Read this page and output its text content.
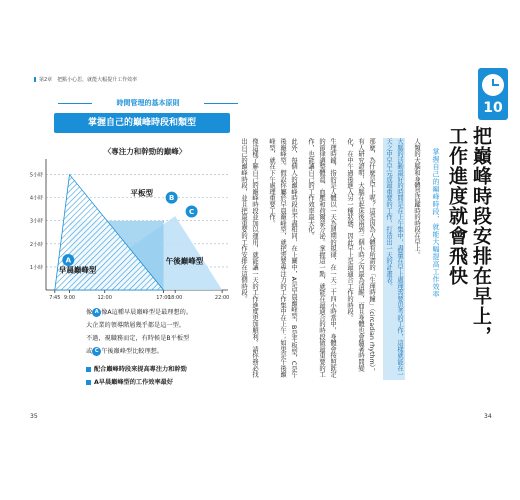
第2章　把點小心思，就能大幅提升工作效率
時間管理的基本原則
掌握自己的巔峰時段和類型
〈專注力和幹勁的巔峰〉
1小時
2小時
3小時
4小時
5小時
7:45 9:00	12:00	17:00
18:00	22:00
平板型
B
A
早晨巔峰型
C
午後巔峰型
像 A 像A這種早晨巔峰型是最理想的。
大企業的領導階層幾乎都是這一型。
不過，視職務而定，有時候是B平板型
或 C 午後巔峰型比較理想。
配合巔峰時段來提高專注力和幹勁
A早晨巔峰型的工作效率最好
35
10
把巔峰時段安排在早上，
工作進度就會飛快
掌握自己的巔峰時段，就能大幅提高工作效率

人類的大腦和身體是活躍時的時段在早上。

大腦的活動最好的時間是在上午集中，盡量在早上處理需要思考的工作，這樣就能在一天之中早早完成最重要的工作，打造出一天的計畫表。

那麼，為什麼是早上呢？這是因為人體有所謂的「生理時鐘」（circadian rhythm），有人研究證明，大腦在起床後兩到三個小時之內最為清醒，而且身體也會隨著時間變化，在中午過後進入另一種狀態，因此早上是最適合工作的時段。

生理時鐘，指的是人體以一天為週期的規律，在一天二十四小時當中，身體會按照既定的節律調整體溫、血壓和荷爾蒙分泌。掌握這一點，就能在最適合的時段做最重要的工作，也能讓自己的工作效率最大化。

此外，每個人的巔峰時段也不盡相同，在上圖中，A是早晨巔峰型，B是平板型，C是午後巔峰型。假設你屬於早晨巔峰型，就把需要專注力的工作集中在上午；如果是午後巔峰型，就在下午處理重要工作。

像這樣了解自己的巔峰時段並加以運用，就能讓一天的工作進度更加順利。請你務必找出自己的巔峰時段，並且把最重要的工作安排在這個時段。

34
